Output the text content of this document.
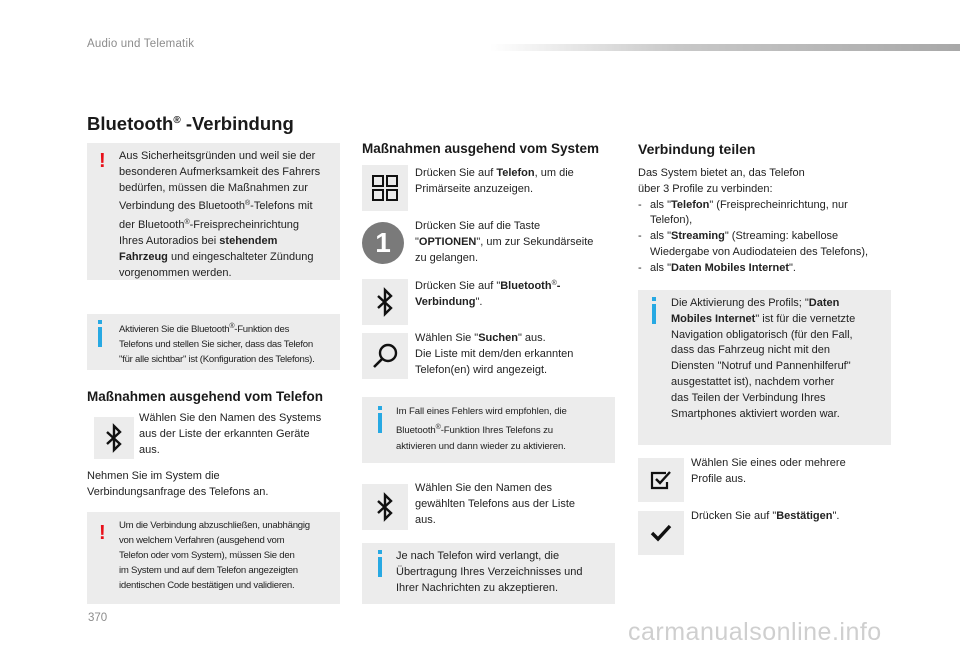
Audio und Telematik
Bluetooth® -Verbindung
! Aus Sicherheitsgründen und weil sie der
besonderen Aufmerksamkeit des Fahrers
bedürfen, müssen die Maßnahmen zur
Verbindung des Bluetooth®-Telefons mit
der Bluetooth®-Freisprecheinrichtung
Ihres Autoradios bei stehendem
Fahrzeug und eingeschalteter Zündung
vorgenommen werden.
Aktivieren Sie die Bluetooth®-Funktion des
Telefons und stellen Sie sicher, dass das Telefon
"für alle sichtbar" ist (Konfiguration des Telefons).
Maßnahmen ausgehend vom Telefon
Wählen Sie den Namen des Systems
aus der Liste der erkannten Geräte
aus.
Nehmen Sie im System die
Verbindungsanfrage des Telefons an.
! Um die Verbindung abzuschließen, unabhängig
von welchem Verfahren (ausgehend vom
Telefon oder vom System), müssen Sie den
im System und auf dem Telefon angezeigten
identischen Code bestätigen und validieren.
Maßnahmen ausgehend vom System
Drücken Sie auf Telefon, um die
Primärseite anzuzeigen.
1
Drücken Sie auf die Taste
"OPTIONEN", um zur Sekundärseite
zu gelangen.
Drücken Sie auf "Bluetooth®-
Verbindung".
Wählen Sie "Suchen" aus.
Die Liste mit dem/den erkannten
Telefon(en) wird angezeigt.
Im Fall eines Fehlers wird empfohlen, die
Bluetooth®-Funktion Ihres Telefons zu
aktivieren und dann wieder zu aktivieren.
Wählen Sie den Namen des
gewählten Telefons aus der Liste
aus.
Je nach Telefon wird verlangt, die
Übertragung Ihres Verzeichnisses und
Ihrer Nachrichten zu akzeptieren.
Verbindung teilen
Das System bietet an, das Telefon
über 3 Profile zu verbinden:
- als "Telefon" (Freisprecheinrichtung, nur
Telefon),
- als "Streaming" (Streaming: kabellose
Wiedergabe von Audiodateien des Telefons),
- als "Daten Mobiles Internet".
Die Aktivierung des Profils; "Daten
Mobiles Internet" ist für die vernetzte
Navigation obligatorisch (für den Fall,
dass das Fahrzeug nicht mit den
Diensten "Notruf und Pannenhilferuf"
ausgestattet ist), nachdem vorher
das Teilen der Verbindung Ihres
Smartphones aktiviert worden war.
Wählen Sie eines oder mehrere
Profile aus.
Drücken Sie auf "Bestätigen".
370	carmanualsonline.info
